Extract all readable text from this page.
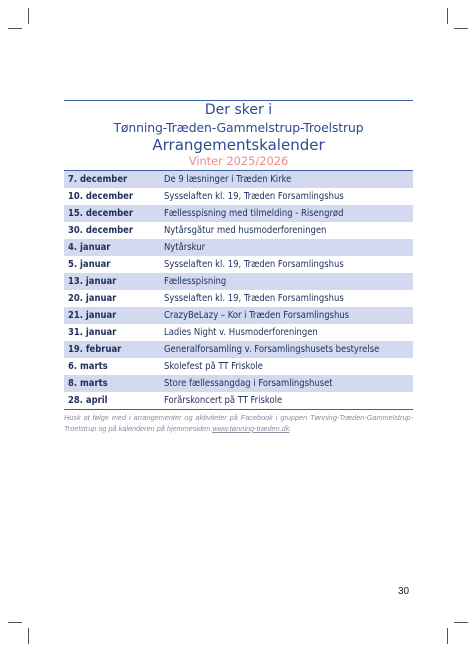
Der sker i
Tønning-Træden-Gammelstrup-Troelstrup
Arrangementskalender
Vinter 2025/2026
7. december	De 9 læsninger i Træden Kirke
10. december	Sysselaften kl. 19, Træden Forsamlingshus
15. december	Fællesspisning med tilmelding - Risengrød
30. december	Nytårsgåtur med husmoderforeningen
4. januar	Nytårskur
5. januar	Sysselaften kl. 19, Træden Forsamlingshus
13. januar	Fællesspisning
20. januar	Sysselaften kl. 19, Træden Forsamlingshus
21. januar	CrazyBeLazy – Kor i Træden Forsamlingshus
31. januar	Ladies Night v. Husmoderforeningen
19. februar	Generalforsamling v. Forsamlingshusets bestyrelse
6. marts	Skolefest på TT Friskole
8. marts	Store fællessangdag i Forsamlingshuset
28. april	Forårskoncert på TT Friskole
Husk at følge med i arrangementer og aktiviteter på Facebook i gruppen Tønning-Træden-Gammelstrup-Troelstrup og på kalenderen på hjemmesiden www.tønning-træden.dk.
30
